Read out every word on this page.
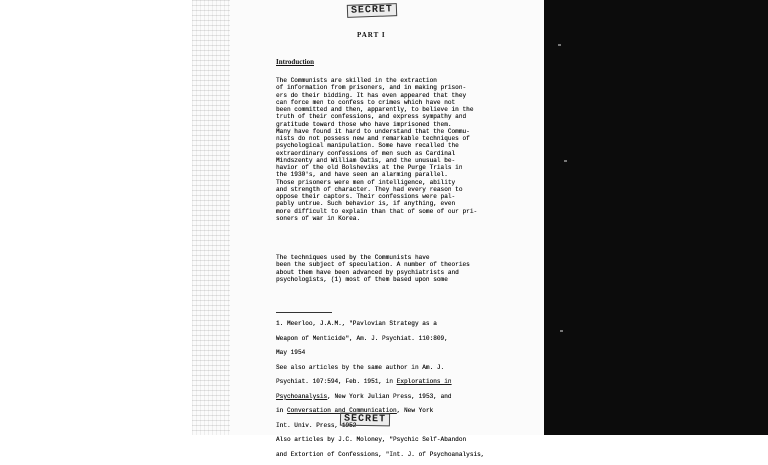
SECRET
PART I
Introduction

The Communists are skilled in the extraction
of information from prisoners, and in making prison-
ers do their bidding. It has even appeared that they
can force men to confess to crimes which have not
been committed and then, apparently, to believe in the
truth of their confessions, and express sympathy and
gratitude toward those who have imprisoned them.
Many have found it hard to understand that the Commu-
nists do not possess new and remarkable techniques of
psychological manipulation. Some have recalled the
extraordinary confessions of men such as Cardinal
Mindszenty and William Oatis, and the unusual be-
havior of the old Bolsheviks at the Purge Trials in
the 1930's, and have seen an alarming parallel.
Those prisoners were men of intelligence, ability
and strength of character. They had every reason to
oppose their captors. Their confessions were pal-
pably untrue. Such behavior is, if anything, even
more difficult to explain than that of some of our pri-
soners of war in Korea.

The techniques used by the Communists have
been the subject of speculation. A number of theories
about them have been advanced by psychiatrists and
psychologists, (1) most of them based upon some

1. Meerloo, J.A.M., "Pavlovian Strategy as a

Weapon of Menticide", Am. J. Psychiat. 110:809,

May 1954

See also articles by the same author in Am. J.

Psychiat. 107:594, Feb. 1951, in Explorations in

Psychoanalysis, New York Julian Press, 1953, and

in Conversation and Communication, New York

Int. Univ. Press, 1952

Also articles by J.C. Moloney, "Psychic Self-Abandon

and Extortion of Confessions, "Int. J. of Psychoanalysis,

SECRET
